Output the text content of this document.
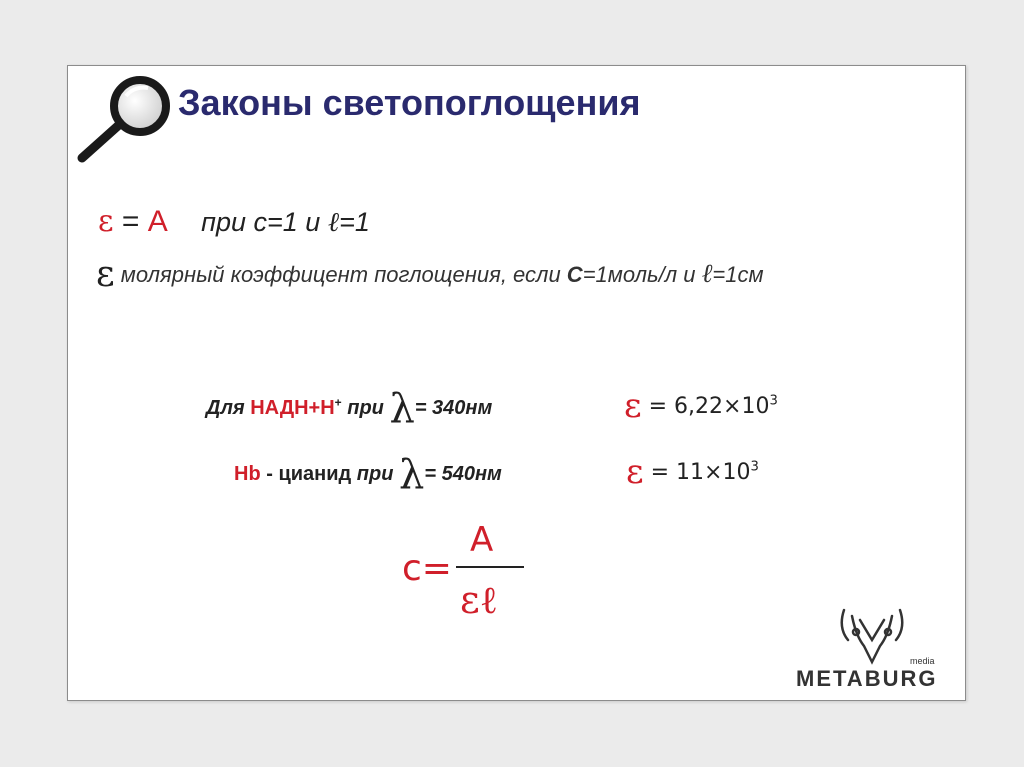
Законы светопоглощения
ε = А при с=1 и ℓ=1
ε молярный коэффицент поглощения, если С=1моль/л и ℓ=1см
Для НАДН+Н+ при λ= 340нм	$\varepsilon = 6,22\times 10^3$
Hb - цианид при λ= 540нм	$\varepsilon = 11\times 10^3$
с=
А
εℓ
media
METABURG
